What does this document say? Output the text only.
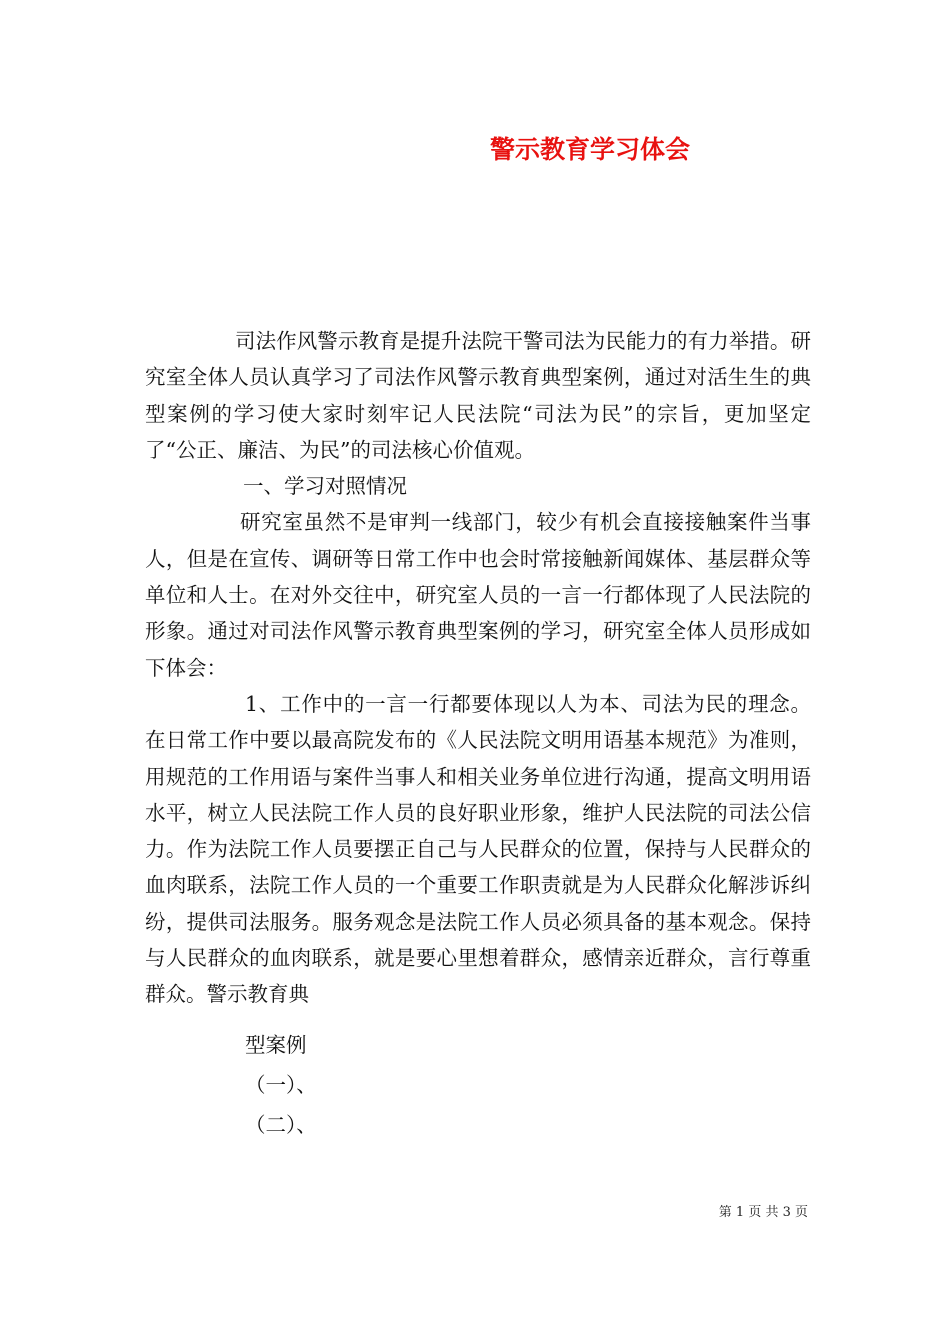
警示教育学习体会

司法作风警示教育是提升法院干警司法为民能力的有力举措。研究室全体人员认真学习了司法作风警示教育典型案例，通过对活生生的典型案例的学习使大家时刻牢记人民法院“司法为民”的宗旨，更加坚定了“公正、廉洁、为民”的司法核心价值观。

一、学习对照情况

研究室虽然不是审判一线部门，较少有机会直接接触案件当事人，但是在宣传、调研等日常工作中也会时常接触新闻媒体、基层群众等单位和人士。在对外交往中，研究室人员的一言一行都体现了人民法院的形象。通过对司法作风警示教育典型案例的学习，研究室全体人员形成如下体会：

1、工作中的一言一行都要体现以人为本、司法为民的理念。在日常工作中要以最高院发布的《人民法院文明用语基本规范》为准则，用规范的工作用语与案件当事人和相关业务单位进行沟通，提高文明用语水平，树立人民法院工作人员的良好职业形象，维护人民法院的司法公信力。作为法院工作人员要摆正自己与人民群众的位置，保持与人民群众的血肉联系，法院工作人员的一个重要工作职责就是为人民群众化解涉诉纠纷，提供司法服务。服务观念是法院工作人员必须具备的基本观念。保持与人民群众的血肉联系，就是要心里想着群众，感情亲近群众，言行尊重群众。警示教育典

型案例

（一）、

（二）、

第 1 页 共 3 页
